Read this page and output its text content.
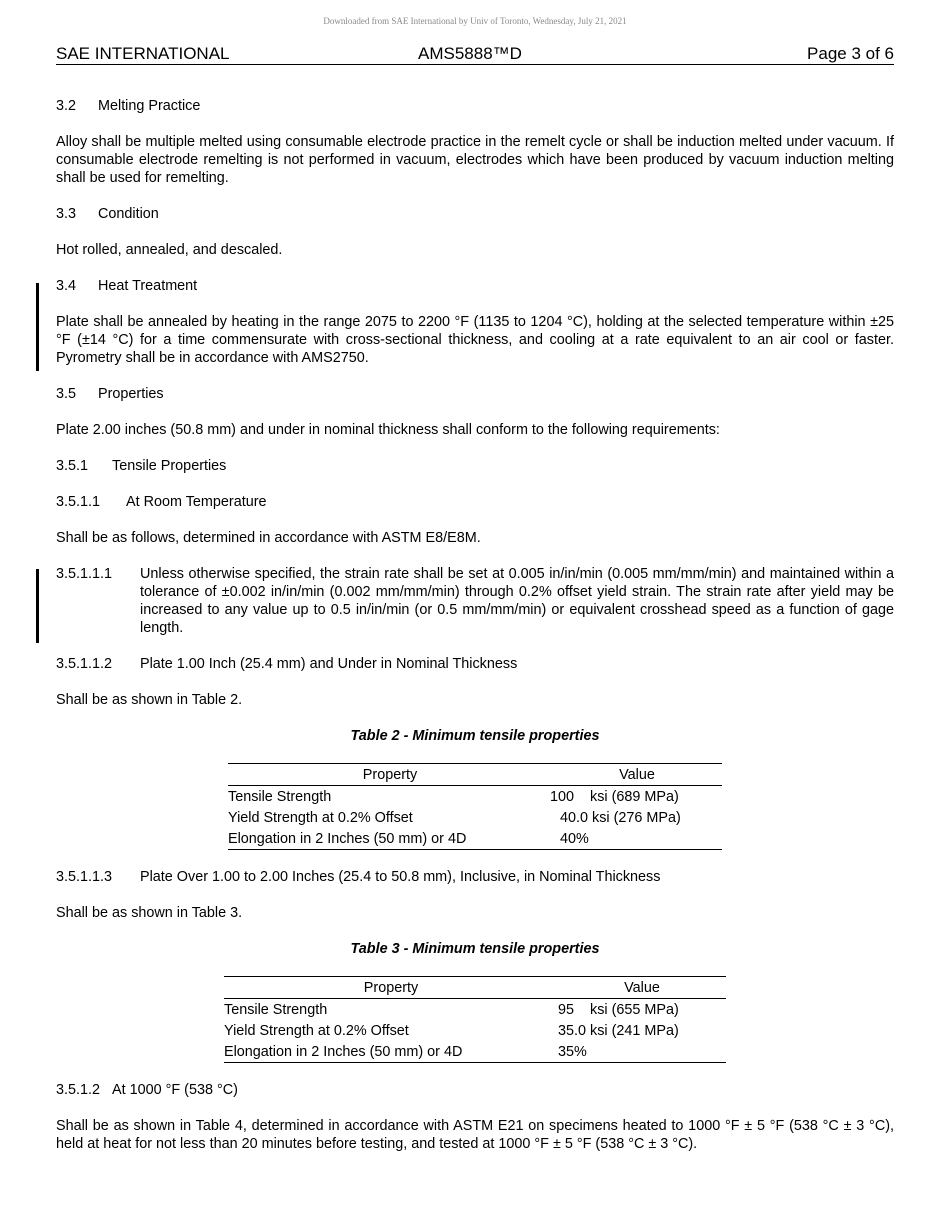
Downloaded from SAE International by Univ of Toronto, Wednesday, July 21, 2021
SAE INTERNATIONAL	AMS5888™D	Page 3 of 6

3.2 Melting Practice

Alloy shall be multiple melted using consumable electrode practice in the remelt cycle or shall be induction melted under vacuum. If consumable electrode remelting is not performed in vacuum, electrodes which have been produced by vacuum induction melting shall be used for remelting.

3.3 Condition

Hot rolled, annealed, and descaled.

3.4 Heat Treatment

Plate shall be annealed by heating in the range 2075 to 2200 °F (1135 to 1204 °C), holding at the selected temperature within ±25 °F (±14 °C) for a time commensurate with cross-sectional thickness, and cooling at a rate equivalent to an air cool or faster. Pyrometry shall be in accordance with AMS2750.

3.5 Properties

Plate 2.00 inches (50.8 mm) and under in nominal thickness shall conform to the following requirements:

3.5.1 Tensile Properties

3.5.1.1 At Room Temperature

Shall be as follows, determined in accordance with ASTM E8/E8M.

3.5.1.1.1	Unless otherwise specified, the strain rate shall be set at 0.005 in/in/min (0.005 mm/mm/min) and maintained within a tolerance of ±0.002 in/in/min (0.002 mm/mm/min) through 0.2% offset yield strain. The strain rate after yield may be increased to any value up to 0.5 in/in/min (or 0.5 mm/mm/min) or equivalent crosshead speed as a function of gage length.

3.5.1.1.2 Plate 1.00 Inch (25.4 mm) and Under in Nominal Thickness

Shall be as shown in Table 2.

Table 2 - Minimum tensile properties

Property	Value
Tensile Strength	100    ksi (689 MPa)
Yield Strength at 0.2% Offset	40.0 ksi (276 MPa)
Elongation in 2 Inches (50 mm) or 4D	40%

3.5.1.1.3 Plate Over 1.00 to 2.00 Inches (25.4 to 50.8 mm), Inclusive, in Nominal Thickness

Shall be as shown in Table 3.

Table 3 - Minimum tensile properties

Property	Value
Tensile Strength	95    ksi (655 MPa)
Yield Strength at 0.2% Offset	35.0 ksi (241 MPa)
Elongation in 2 Inches (50 mm) or 4D	35%

3.5.1.2 At 1000 °F (538 °C)

Shall be as shown in Table 4, determined in accordance with ASTM E21 on specimens heated to 1000 °F ± 5 °F (538 °C ± 3 °C), held at heat for not less than 20 minutes before testing, and tested at 1000 °F ± 5 °F (538 °C ± 3 °C).
